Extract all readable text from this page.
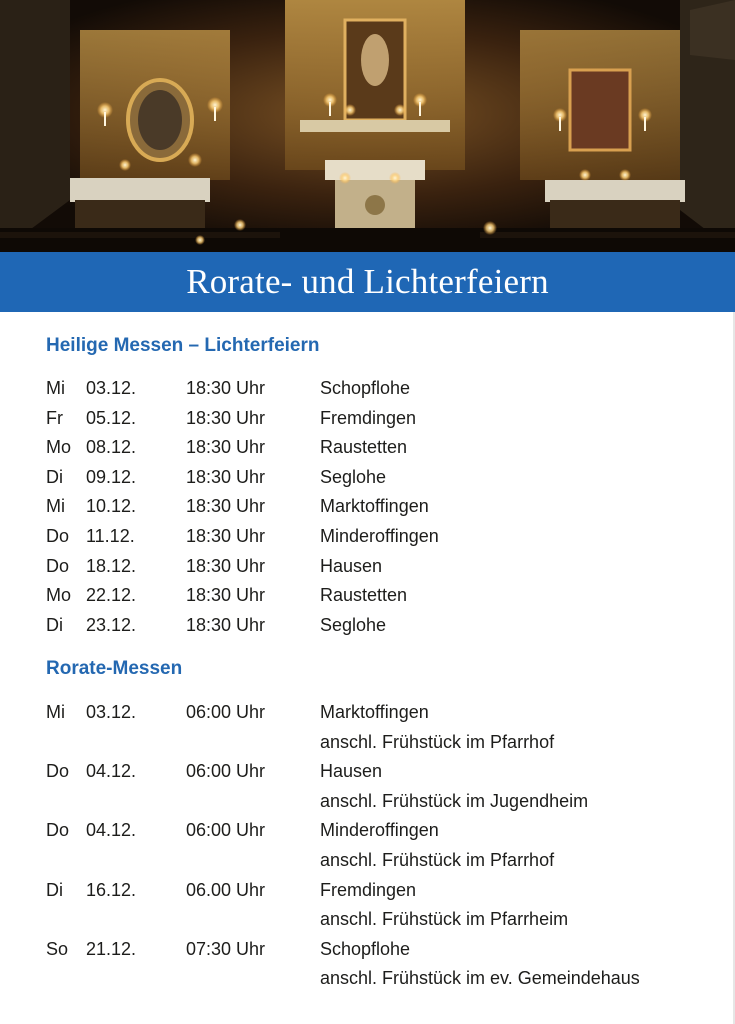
Rorate- und Lichterfeiern
Heilige Messen – Lichterfeiern
Mi 03.12.	18:30 Uhr	Schopflohe
Fr 05.12.	18:30 Uhr	Fremdingen
Mo 08.12.	18:30 Uhr	Raustetten
Di 09.12.	18:30 Uhr	Seglohe
Mi 10.12.	18:30 Uhr	Marktoffingen
Do 11.12.	18:30 Uhr	Minderoffingen
Do 18.12.	18:30 Uhr	Hausen
Mo 22.12.	18:30 Uhr	Raustetten
Di 23.12.	18:30 Uhr	Seglohe
Rorate-Messen
Mi 03.12.	06:00 Uhr	Marktoffingen
anschl. Frühstück im Pfarrhof
Do 04.12.	06:00 Uhr	Hausen
anschl. Frühstück im Jugendheim
Do 04.12.	06:00 Uhr	Minderoffingen
anschl. Frühstück im Pfarrhof
Di 16.12.	06.00 Uhr	Fremdingen
anschl. Frühstück im Pfarrheim
So 21.12.	07:30 Uhr	Schopflohe
anschl. Frühstück im ev. Gemeindehaus
